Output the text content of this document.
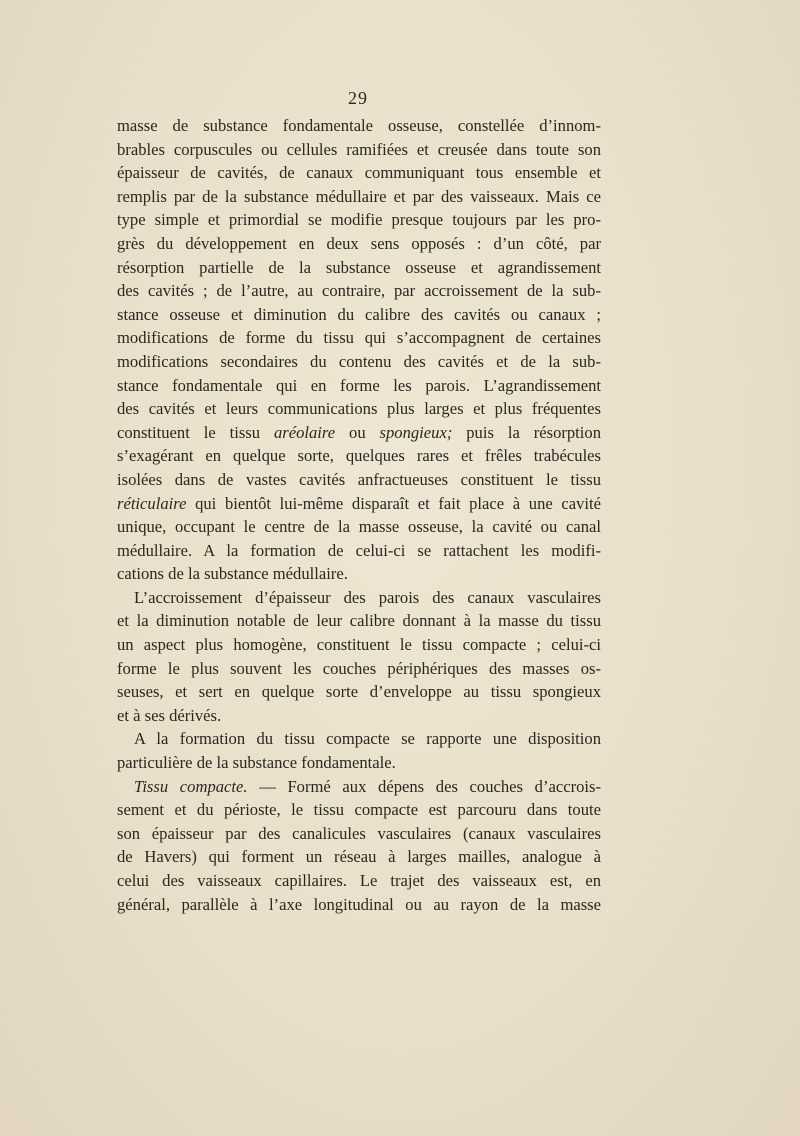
29
masse de substance fondamentale osseuse, constellée d’innom-
brables corpuscules ou cellules ramifiées et creusée dans toute son
épaisseur de cavités, de canaux communiquant tous ensemble et
remplis par de la substance médullaire et par des vaisseaux. Mais ce
type simple et primordial se modifie presque toujours par les pro-
grès du développement en deux sens opposés : d’un côté, par
résorption partielle de la substance osseuse et agrandissement
des cavités ; de l’autre, au contraire, par accroissement de la sub-
stance osseuse et diminution du calibre des cavités ou canaux ;
modifications de forme du tissu qui s’accompagnent de certaines
modifications secondaires du contenu des cavités et de la sub-
stance fondamentale qui en forme les parois. L’agrandissement
des cavités et leurs communications plus larges et plus fréquentes
constituent le tissu aréolaire ou spongieux; puis la résorption
s’exagérant en quelque sorte, quelques rares et frêles trabécules
isolées dans de vastes cavités anfractueuses constituent le tissu
réticulaire qui bientôt lui-même disparaît et fait place à une cavité
unique, occupant le centre de la masse osseuse, la cavité ou canal
médullaire. A la formation de celui-ci se rattachent les modifi-
cations de la substance médullaire.
L’accroissement d’épaisseur des parois des canaux vasculaires
et la diminution notable de leur calibre donnant à la masse du tissu
un aspect plus homogène, constituent le tissu compacte ; celui-ci
forme le plus souvent les couches périphériques des masses os-
seuses, et sert en quelque sorte d’enveloppe au tissu spongieux
et à ses dérivés.
A la formation du tissu compacte se rapporte une disposition
particulière de la substance fondamentale.
Tissu compacte. — Formé aux dépens des couches d’accrois-
sement et du périoste, le tissu compacte est parcouru dans toute
son épaisseur par des canalicules vasculaires (canaux vasculaires
de Havers) qui forment un réseau à larges mailles, analogue à
celui des vaisseaux capillaires. Le trajet des vaisseaux est, en
général, parallèle à l’axe longitudinal ou au rayon de la masse
